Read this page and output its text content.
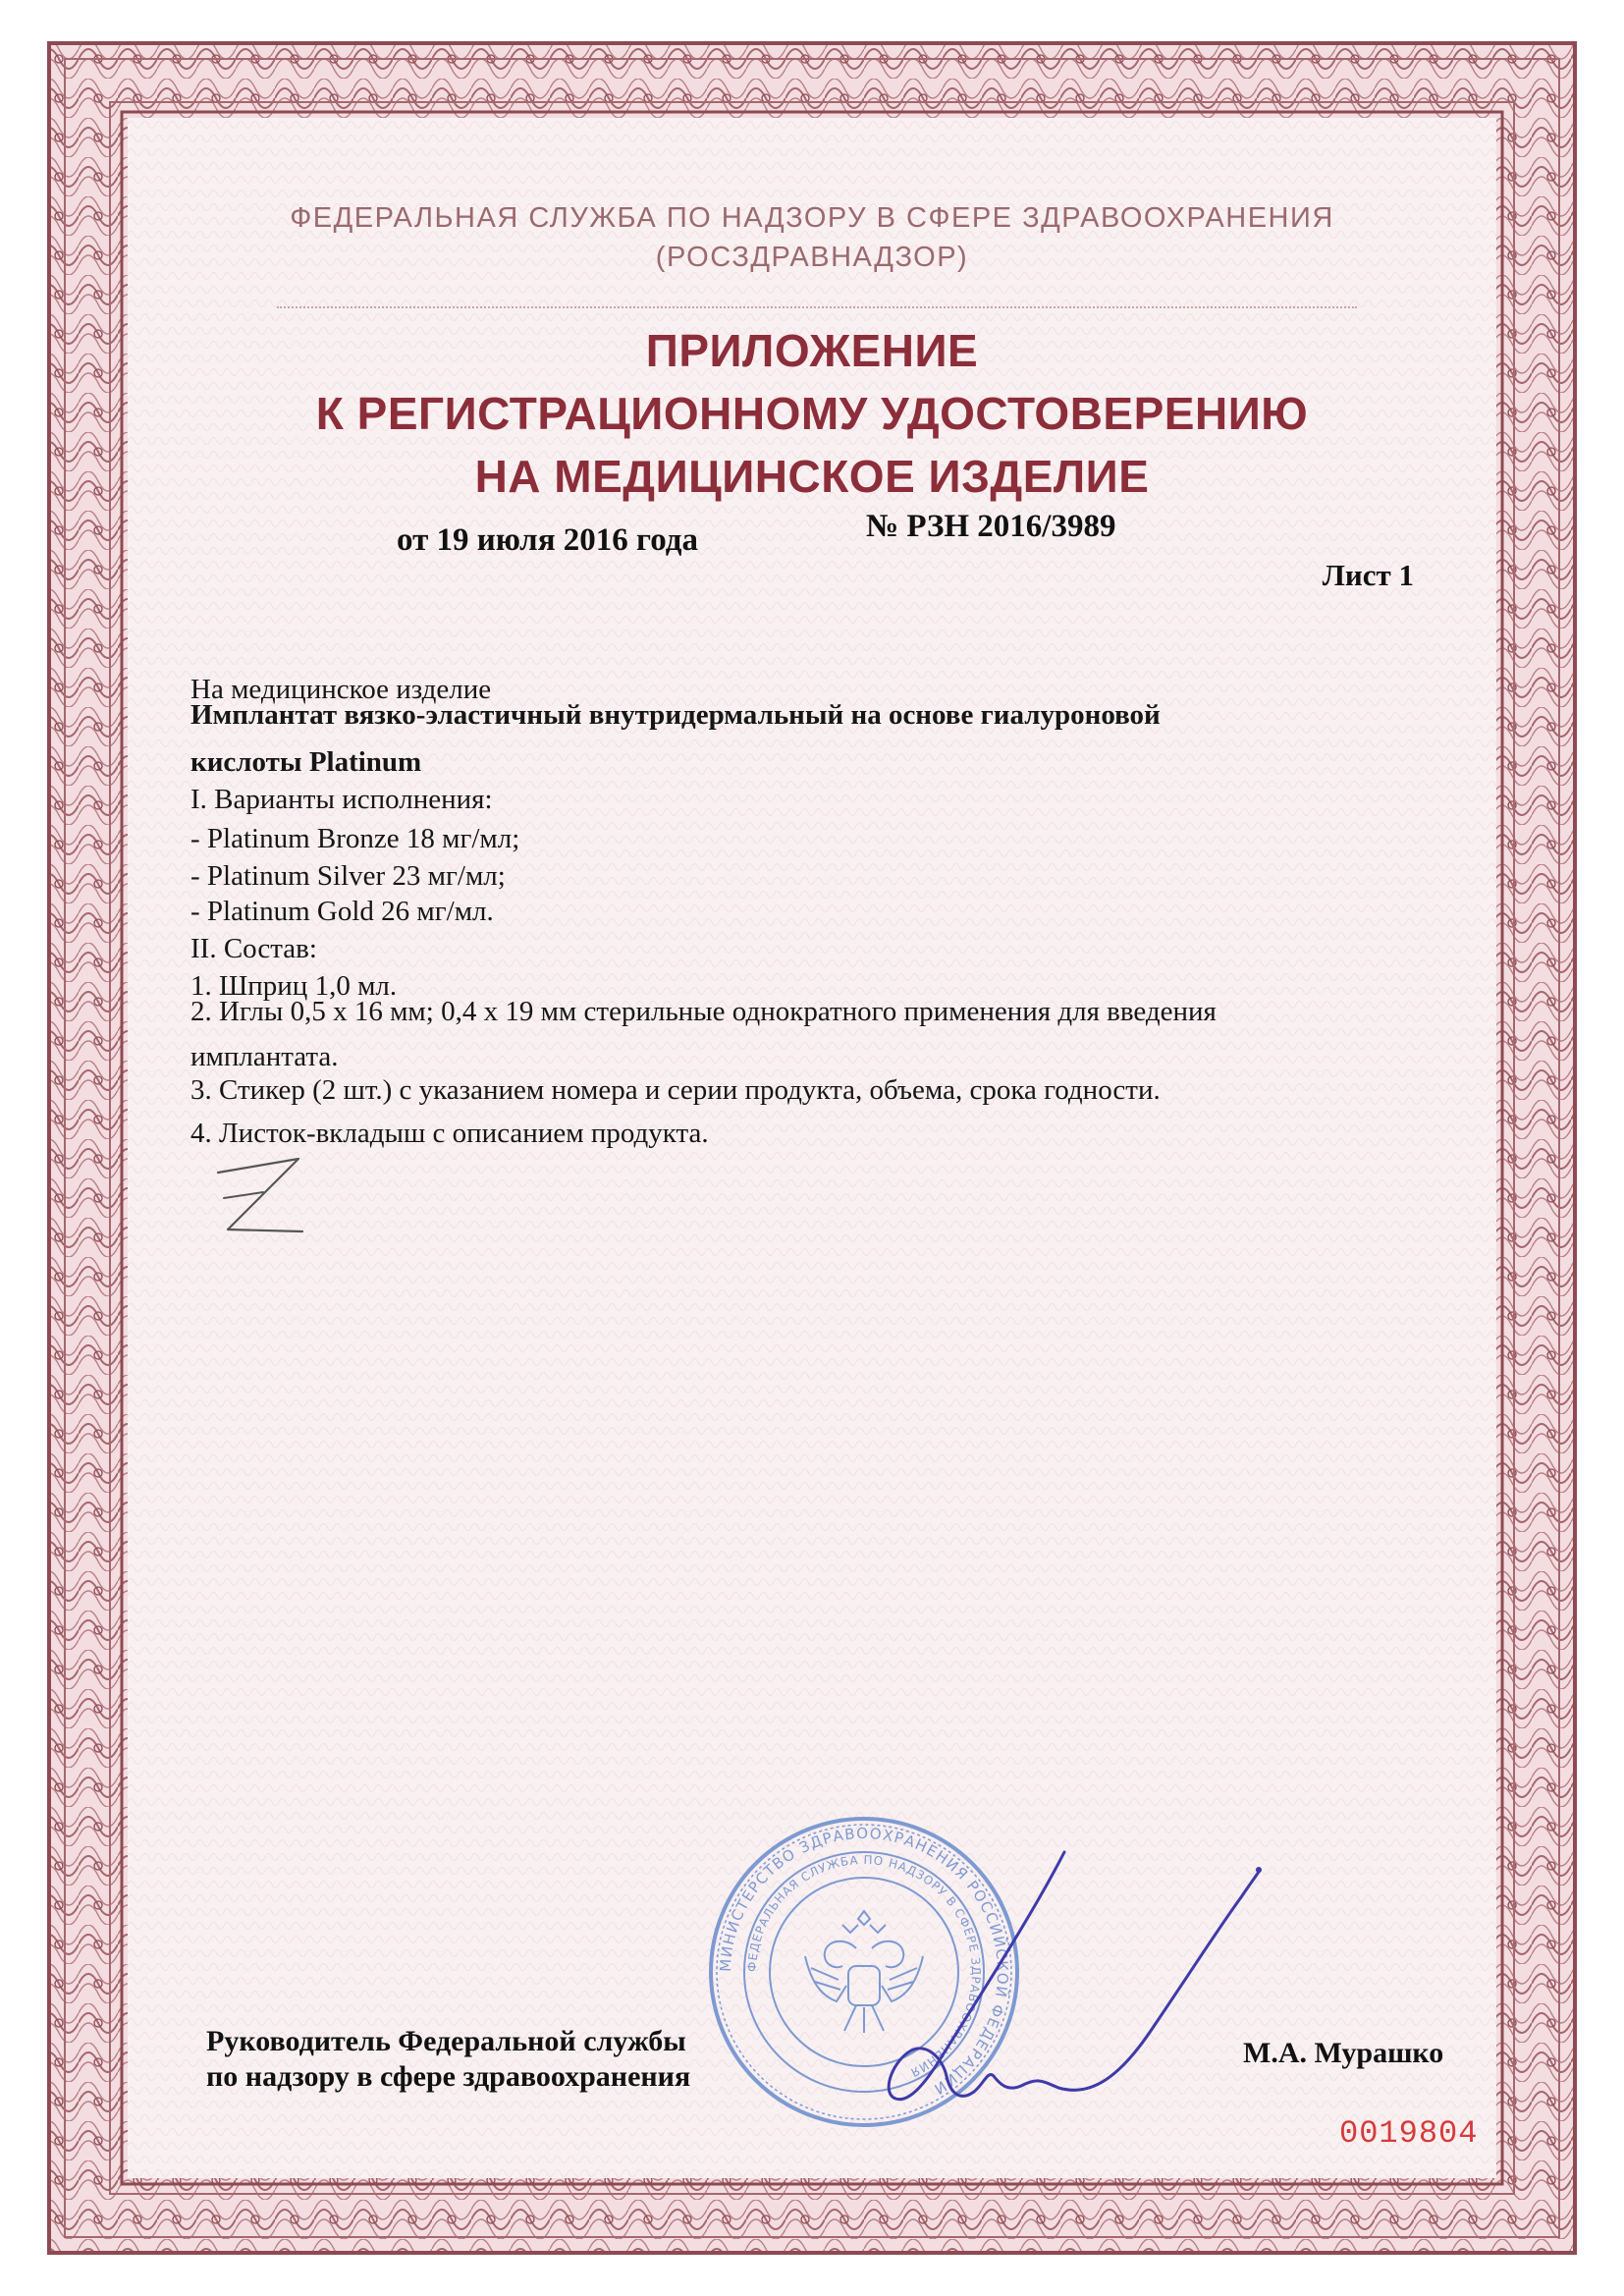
ФЕДЕРАЛЬНАЯ СЛУЖБА ПО НАДЗОРУ В СФЕРЕ ЗДРАВООХРАНЕНИЯ

(РОСЗДРАВНАДЗОР)

ПРИЛОЖЕНИЕ

К РЕГИСТРАЦИОННОМУ УДОСТОВЕРЕНИЮ

НА МЕДИЦИНСКОЕ ИЗДЕЛИЕ

от 19 июля 2016 года	№ РЗН 2016/3989

Лист 1

На медицинское изделие

Имплантат вязко-эластичный внутридермальный на основе гиалуроновой

кислоты Platinum

I. Варианты исполнения:

- Platinum Bronze 18 мг/мл;

- Platinum Silver 23 мг/мл;

- Platinum Gold 26 мг/мл.

II. Состав:

1. Шприц 1,0 мл.

2. Иглы 0,5 х 16 мм; 0,4 х 19 мм стерильные однократного применения для введения

имплантата.

3. Стикер (2 шт.) с указанием номера и серии продукта, объема, срока годности.

4. Листок-вкладыш с описанием продукта.

МИНИСТЕРСТВО ЗДРАВООХРАНЕНИЯ РОССИЙСКОЙ ФЕДЕРАЦИИ
ФЕДЕРАЛЬНАЯ СЛУЖБА ПО НАДЗОРУ В СФЕРЕ ЗДРАВООХРАНЕНИЯ

Руководитель Федеральной службы

по надзору в сфере здравоохранения

М.А. Мурашко

0019804
